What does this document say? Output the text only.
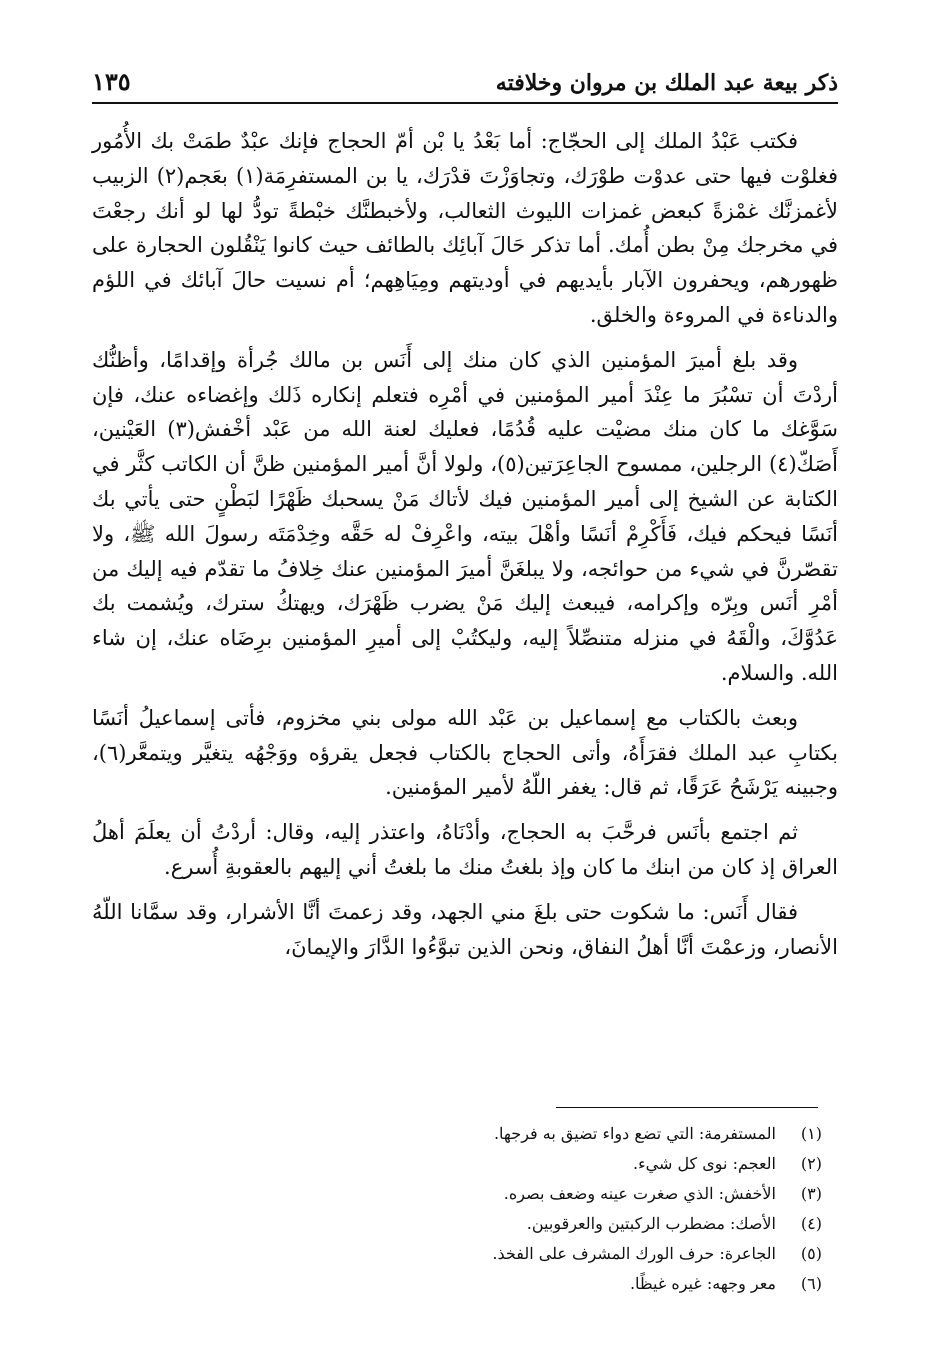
ذكر بيعة عبد الملك بن مروان وخلافته
١٣٥

فكتب عَبْدُ الملك إلى الحجّاج: أما بَعْدُ يا بْن أمّ الحجاج فإنك عبْدٌ طمَتْ بك الأُمُور فغلوْت فيها حتى عدوْت طوْرَك، وتجاوَزْتَ قدْرَك، يا بن المستفرِمَة(١) بعَجم(٢) الزبيب لأغمزنَّك غمْزةً كبعض غمزات الليوث الثعالب، ولأخبطنَّك خبْطةً تودُّ لها لو أنك رجعْتَ في مخرجك مِنْ بطن أُمك. أما تذكر حَالَ آبائِك بالطائف حيث كانوا يَنْقُلون الحجارة على ظهورهم، ويحفرون الآبار بأيديهم في أوديتهم ومِيَاهِهم؛ أم نسيت حالَ آبائك في اللؤم والدناءة في المروءة والخلق.

وقد بلغ أميرَ المؤمنين الذي كان منك إلى أَنَس بن مالك جُرأة وإقدامًا، وأظنُّك أردْتَ أن تسْبُرَ ما عِنْدَ أمير المؤمنين في أمْرِه فتعلم إنكاره ذَلك وإغضاءه عنك، فإن سَوَّغك ما كان منك مضيْت عليه قُدُمًا، فعليك لعنة الله من عَبْد أخْفش(٣) العَيْنين، أَصَكّ(٤) الرجلين، ممسوح الجاعِرَتين(٥)، ولولا أنَّ أمير المؤمنين ظنَّ أن الكاتب كثَّر في الكتابة عن الشيخ إلى أمير المؤمنين فيك لأتاك مَنْ يسحبك ظَهْرًا لبَطْنٍ حتى يأتي بك أنَسًا فيحكم فيك، فَأَكْرِمْ أنَسًا وأهْلَ بيته، واعْرِفْ له حَقَّه وخِدْمَتَه رسولَ الله ﷺ، ولا تقصّرنَّ في شيء من حوائجه، ولا يبلغَنَّ أميرَ المؤمنين عنك خِلافُ ما تقدّم فيه إليك من أمْرِ أنَس وبِرّه وإكرامه، فيبعث إليك مَنْ يضرب ظَهْرَك، ويهتكُ سترك، ويُشمت بك عَدُوَّكَ، والْقَهُ في منزله متنصِّلاً إليه، وليكتُبْ إلى أميرِ المؤمنين برِضَاه عنك، إن شاء الله. والسلام.

وبعث بالكتاب مع إسماعيل بن عَبْد الله مولى بني مخزوم، فأتى إسماعيلُ أنَسًا بكتابِ عبد الملك فقرَأَهُ، وأتى الحجاج بالكتاب فجعل يقرؤه ووَجْهُه يتغيَّر ويتمعَّر(٦)، وجبينه يَرْشَحُ عَرَقًا، ثم قال: يغفر اللّهُ لأمير المؤمنين.

ثم اجتمع بأنَس فرحَّبَ به الحجاج، وأدْنَاهُ، واعتذر إليه، وقال: أردْتُ أن يعلَمَ أهلُ العراق إذ كان من ابنك ما كان وإذ بلغتُ منك ما بلغتُ أني إليهم بالعقوبةِ أُسرع.

فقال أَنَس: ما شكوت حتى بلغَ مني الجهد، وقد زعمتَ أنَّا الأشرار، وقد سمَّانا اللّهُ الأنصار، وزعمْتَ أنَّا أهلُ النفاق، ونحن الذين تبوَّءُوا الدَّارَ والإيمانَ،

(١)
المستفرمة: التي تضع دواء تضيق به فرجها.
(٢)
العجم: نوى كل شيء.
(٣)
الأخفش: الذي صغرت عينه وضعف بصره.
(٤)
الأصك: مضطرب الركبتين والعرقوبين.
(٥)
الجاعرة: حرف الورك المشرف على الفخذ.
(٦)
معر وجهه: غيره غيظًا.
